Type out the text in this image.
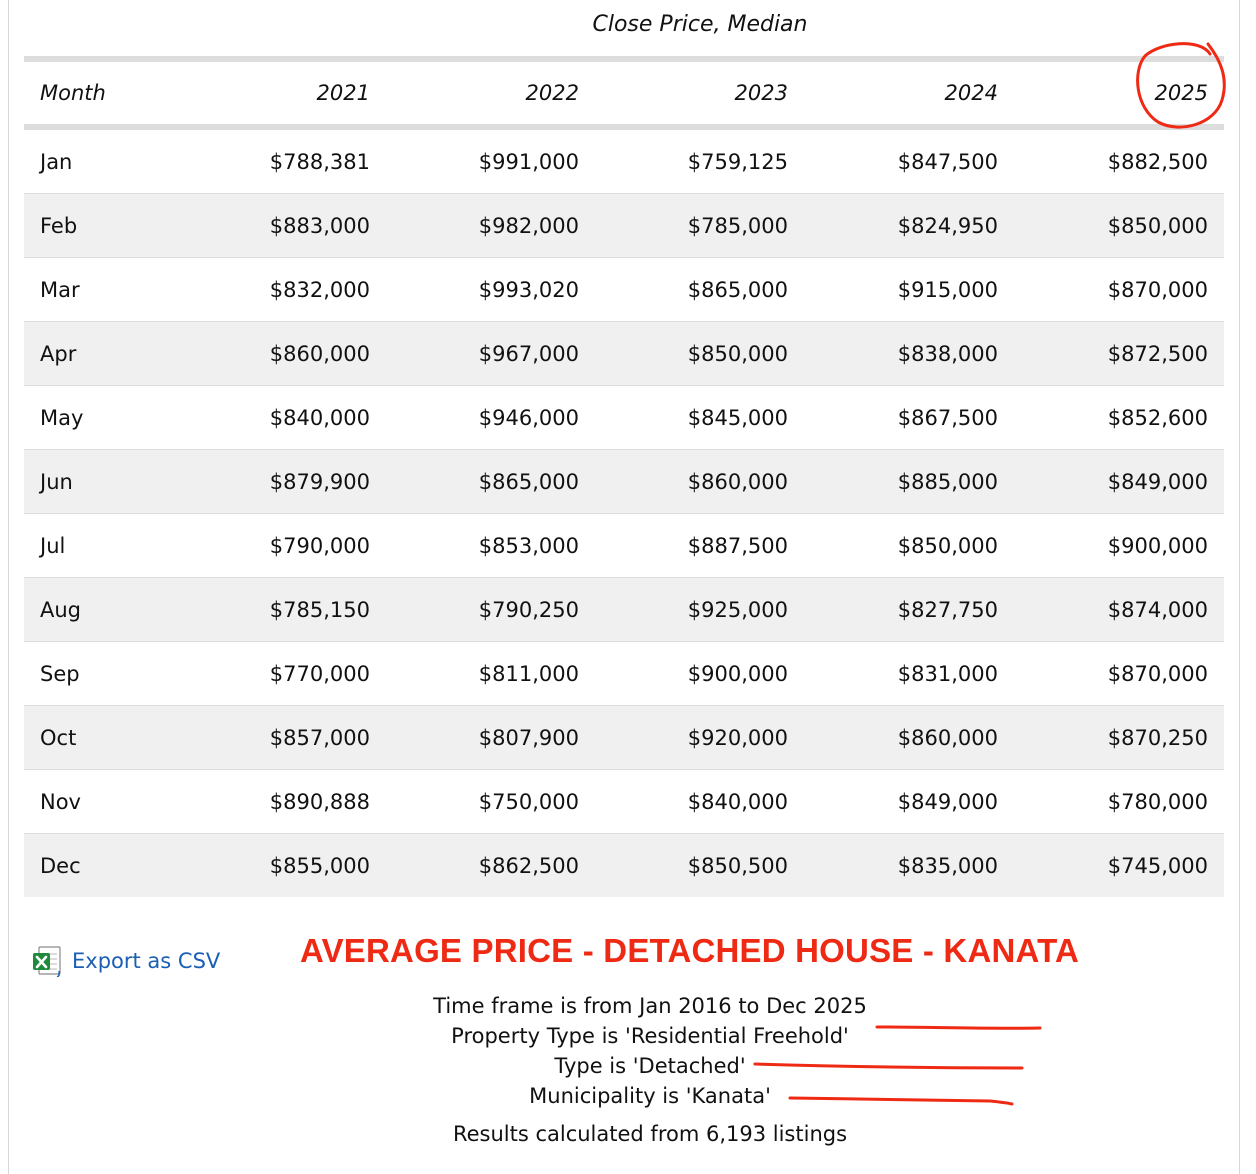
Close Price, Median
Month	2021	2022	2023	2024	2025
Jan	$788,381	$991,000	$759,125	$847,500	$882,500
Feb	$883,000	$982,000	$785,000	$824,950	$850,000
Mar	$832,000	$993,020	$865,000	$915,000	$870,000
Apr	$860,000	$967,000	$850,000	$838,000	$872,500
May	$840,000	$946,000	$845,000	$867,500	$852,600
Jun	$879,900	$865,000	$860,000	$885,000	$849,000
Jul	$790,000	$853,000	$887,500	$850,000	$900,000
Aug	$785,150	$790,250	$925,000	$827,750	$874,000
Sep	$770,000	$811,000	$900,000	$831,000	$870,000
Oct	$857,000	$807,900	$920,000	$860,000	$870,250
Nov	$890,888	$750,000	$840,000	$849,000	$780,000
Dec	$855,000	$862,500	$850,500	$835,000	$745,000
Export as CSV AVERAGE PRICE - DETACHED HOUSE - KANATA
Time frame is from Jan 2016 to Dec 2025
Property Type is 'Residential Freehold'
Type is 'Detached'
Municipality is 'Kanata'
Results calculated from 6,193 listings
